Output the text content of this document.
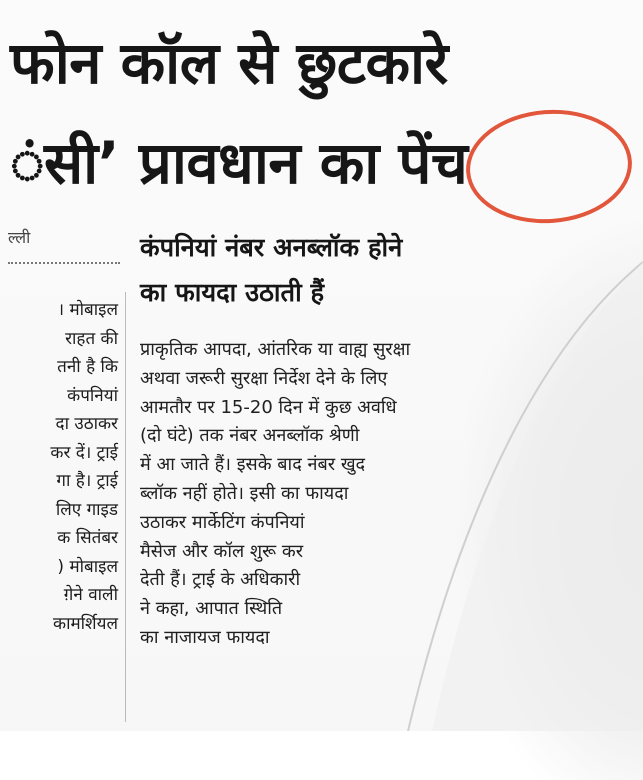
फोन कॉल से छुटकारे
ंसी’ प्रावधान का पेंच
ल्ली
। मोबाइल
राहत की
तनी है कि
कंपनियां
दा उठाकर
कर दें। ट्राई
गा है। ट्राई
लिए गाइड
क सितंबर
) मोबाइल
ग़ेने वाली
कामर्शियल
कंपनियां नंबर अनब्लॉक होने
का फायदा उठाती हैं
प्राकृतिक आपदा, आंतरिक या वाह्य सुरक्षा
अथवा जरूरी सुरक्षा निर्देश देने के लिए
आमतौर पर 15-20 दिन में कुछ अवधि
(दो घंटे) तक नंबर अनब्लॉक श्रेणी
में आ जाते हैं। इसके बाद नंबर खुद
ब्लॉक नहीं होते। इसी का फायदा
उठाकर मार्केटिंग कंपनियां
मैसेज और कॉल शुरू कर
देती हैं। ट्राई के अधिकारी
ने कहा, आपात स्थिति
का नाजायज फायदा
